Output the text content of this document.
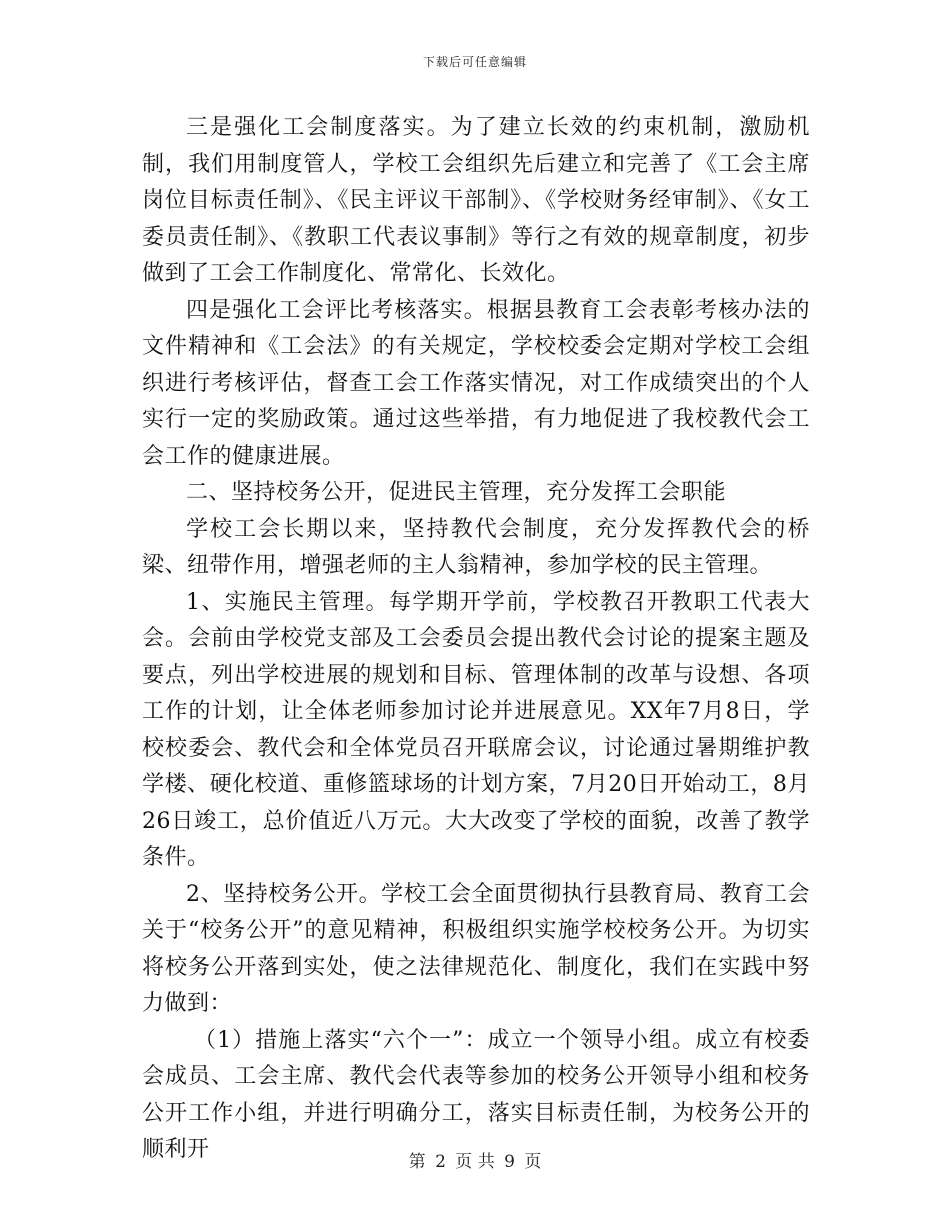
下载后可任意编辑

三是强化工会制度落实。为了建立长效的约束机制，激励机制，我们用制度管人，学校工会组织先后建立和完善了《工会主席岗位目标责任制》、《民主评议干部制》、《学校财务经审制》、《女工委员责任制》、《教职工代表议事制》等行之有效的规章制度，初步做到了工会工作制度化、常常化、长效化。

四是强化工会评比考核落实。根据县教育工会表彰考核办法的文件精神和《工会法》的有关规定，学校校委会定期对学校工会组织进行考核评估，督查工会工作落实情况，对工作成绩突出的个人实行一定的奖励政策。通过这些举措，有力地促进了我校教代会工会工作的健康进展。

二、坚持校务公开，促进民主管理，充分发挥工会职能

学校工会长期以来，坚持教代会制度，充分发挥教代会的桥梁、纽带作用，增强老师的主人翁精神，参加学校的民主管理。

1、实施民主管理。每学期开学前，学校教召开教职工代表大会。会前由学校党支部及工会委员会提出教代会讨论的提案主题及要点，列出学校进展的规划和目标、管理体制的改革与设想、各项工作的计划，让全体老师参加讨论并进展意见。XX年7月8日，学校校委会、教代会和全体党员召开联席会议，讨论通过暑期维护教学楼、硬化校道、重修篮球场的计划方案，7月20日开始动工，8月26日竣工，总价值近八万元。大大改变了学校的面貌，改善了教学条件。

2、坚持校务公开。学校工会全面贯彻执行县教育局、教育工会关于“校务公开”的意见精神，积极组织实施学校校务公开。为切实将校务公开落到实处，使之法律规范化、制度化，我们在实践中努力做到：

（1）措施上落实“六个一”：成立一个领导小组。成立有校委会成员、工会主席、教代会代表等参加的校务公开领导小组和校务公开工作小组，并进行明确分工，落实目标责任制，为校务公开的顺利开	第 2 页 共 9 页
